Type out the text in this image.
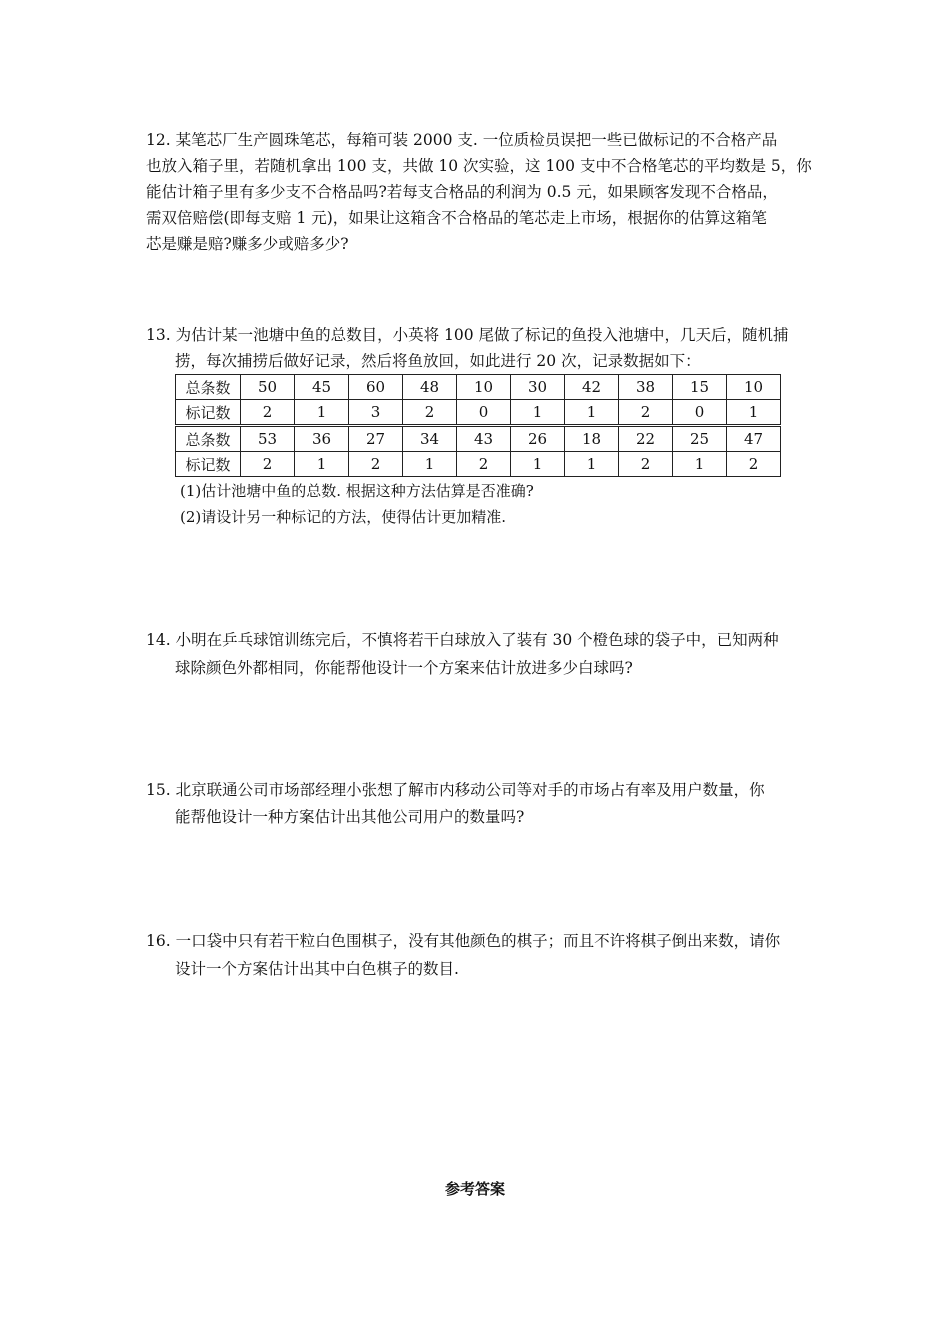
12. 某笔芯厂生产圆珠笔芯，每箱可装 2000 支. 一位质检员误把一些已做标记的不合格产品
也放入箱子里，若随机拿出 100 支，共做 10 次实验，这 100 支中不合格笔芯的平均数是 5，你
能估计箱子里有多少支不合格品吗?若每支合格品的利润为 0.5 元，如果顾客发现不合格品，
需双倍赔偿(即每支赔 1 元)，如果让这箱含不合格品的笔芯走上市场，根据你的估算这箱笔
芯是赚是赔?赚多少或赔多少?
13. 为估计某一池塘中鱼的总数目，小英将 100 尾做了标记的鱼投入池塘中，几天后，随机捕
捞，每次捕捞后做好记录，然后将鱼放回，如此进行 20 次，记录数据如下：
总条数	50	45	60	48	10	30	42	38	15	10
标记数	2	1	3	2	0	1	1	2	0	1
总条数	53	36	27	34	43	26	18	22	25	47
标记数	2	1	2	1	2	1	1	2	1	2
(1)估计池塘中鱼的总数. 根据这种方法估算是否准确?
(2)请设计另一种标记的方法，使得估计更加精准.
14. 小明在乒乓球馆训练完后，不慎将若干白球放入了装有 30 个橙色球的袋子中，已知两种
球除颜色外都相同，你能帮他设计一个方案来估计放进多少白球吗?
15. 北京联通公司市场部经理小张想了解市内移动公司等对手的市场占有率及用户数量，你
能帮他设计一种方案估计出其他公司用户的数量吗?
16. 一口袋中只有若干粒白色围棋子，没有其他颜色的棋子；而且不许将棋子倒出来数，请你
设计一个方案估计出其中白色棋子的数目.
参考答案
